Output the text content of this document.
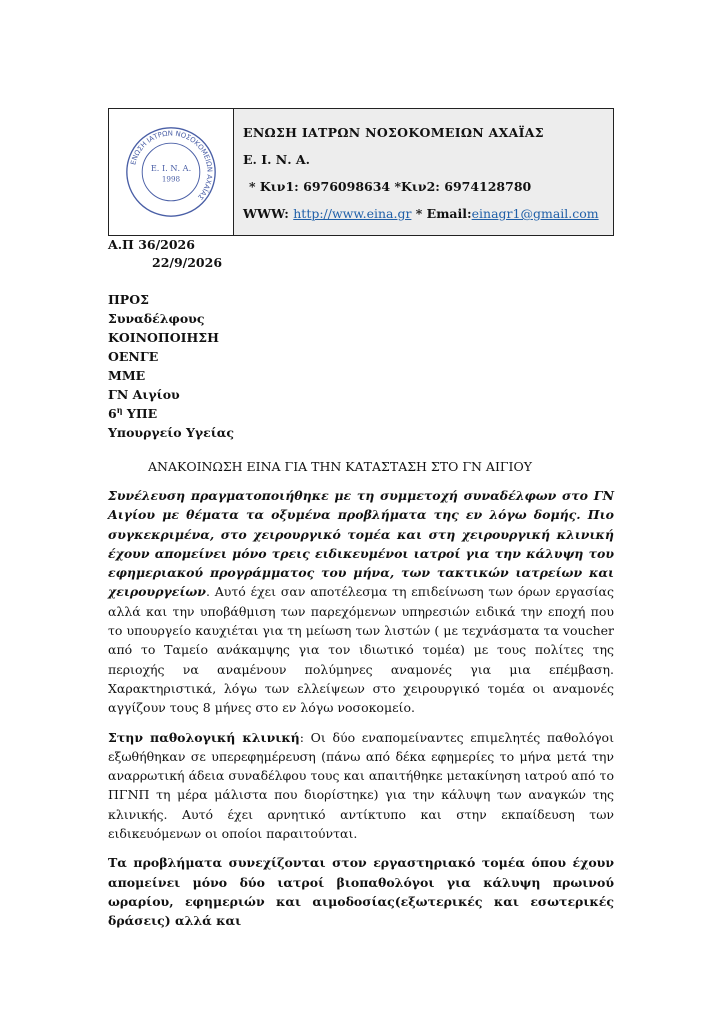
ΕΝΩΣΗ ΙΑΤΡΩΝ ΝΟΣΟΚΟΜΕΙΩΝ ΑΧΑΪΑΣ
Ε. Ι. Ν. Α.
1998
ΕΝΩΣΗ ΙΑΤΡΩΝ ΝΟΣΟΚΟΜΕΙΩΝ ΑΧΑΪΑΣ
Ε. Ι. Ν. Α.
* Κιν1: 6976098634 *Κιν2: 6974128780
WWW: http://www.eina.gr * Email:einagr1@gmail.com
Α.Π 36/2026
22/9/2026
ΠΡΟΣ
Συναδέλφους
ΚΟΙΝΟΠΟΙΗΣΗ
ΟΕΝΓΕ
ΜΜΕ
ΓΝ Αιγίου
$6^\eta$ ΥΠΕ
Υπουργείο Υγείας
ΑΝΑΚΟΙΝΩΣΗ ΕΙΝΑ ΓΙΑ ΤΗΝ ΚΑΤΑΣΤΑΣΗ ΣΤΟ ΓΝ ΑΙΓΙΟΥ

Συνέλευση πραγματοποιήθηκε με τη συμμετοχή συναδέλφων στο ΓΝ Αιγίου με θέματα τα οξυμένα προβλήματα της εν λόγω δομής. Πιο συγκεκριμένα, στο χειρουργικό τομέα και στη χειρουργική κλινική έχουν απομείνει μόνο τρεις ειδικευμένοι ιατροί για την κάλυψη του εφημεριακού προγράμματος του μήνα, των τακτικών ιατρείων και χειρουργείων. Αυτό έχει σαν αποτέλεσμα τη επιδείνωση των όρων εργασίας αλλά και την υποβάθμιση των παρεχόμενων υπηρεσιών ειδικά την εποχή που το υπουργείο καυχιέται για τη μείωση των λιστών ( με τεχνάσματα τα voucher από το Ταμείο ανάκαμψης για τον ιδιωτικό τομέα) με τους πολίτες της περιοχής να αναμένουν πολύμηνες αναμονές για μια επέμβαση. Χαρακτηριστικά, λόγω των ελλείψεων στο χειρουργικό τομέα οι αναμονές αγγίζουν τους 8 μήνες στο εν λόγω νοσοκομείο.

Στην παθολογική κλινική: Οι δύο εναπομείναντες επιμελητές παθολόγοι εξωθήθηκαν σε υπερεφημέρευση (πάνω από δέκα εφημερίες το μήνα μετά την αναρρωτική άδεια συναδέλφου τους και απαιτήθηκε μετακίνηση ιατρού από το ΠΓΝΠ τη μέρα μάλιστα που διορίστηκε) για την κάλυψη των αναγκών της κλινικής. Αυτό έχει αρνητικό αντίκτυπο και στην εκπαίδευση των ειδικευόμενων οι οποίοι παραιτούνται.

Τα προβλήματα συνεχίζονται στον εργαστηριακό τομέα όπου έχουν απομείνει μόνο δύο ιατροί βιοπαθολόγοι για κάλυψη πρωινού ωραρίου, εφημεριών και αιμοδοσίας(εξωτερικές και εσωτερικές δράσεις) αλλά και
